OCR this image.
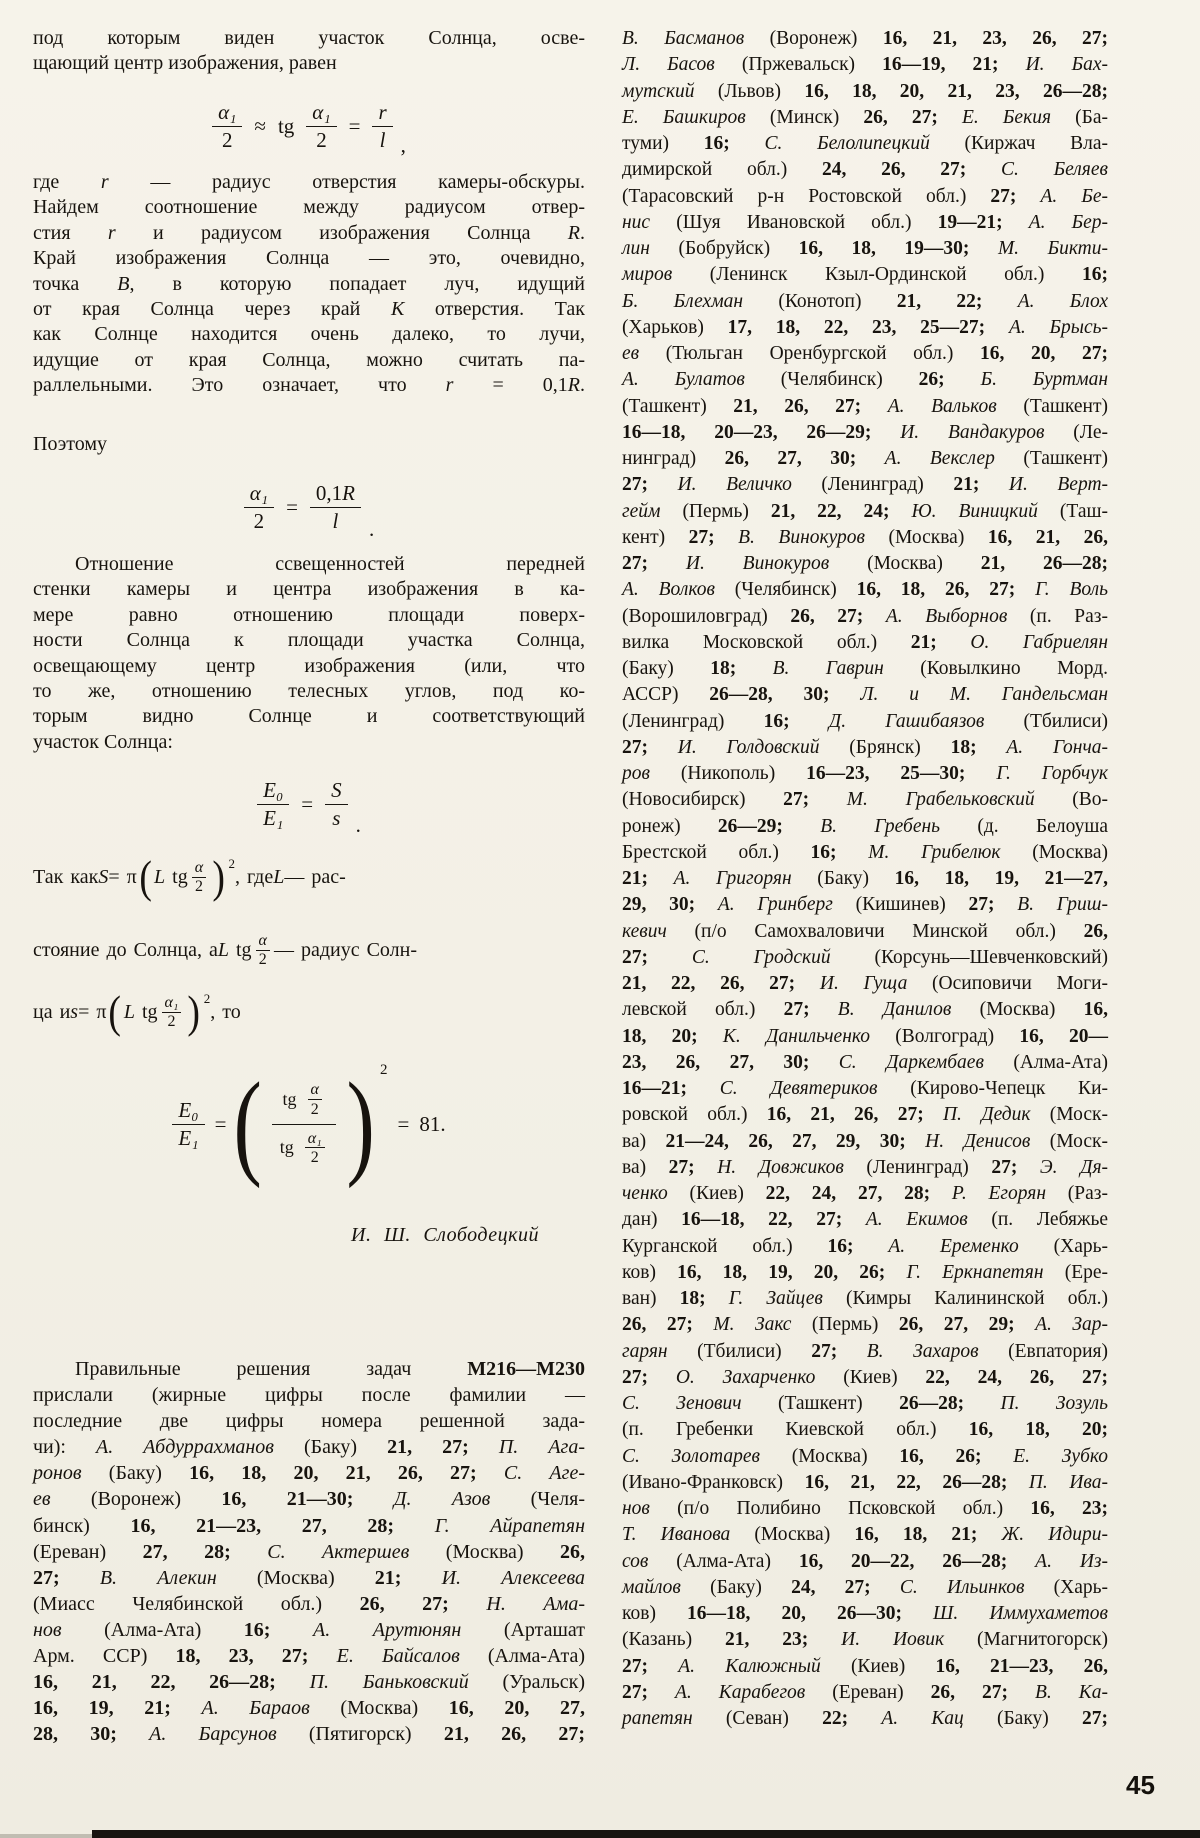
под которым виден участок Солнца, осве-
щающий центр изображения, равен
$\frac{\text{α₁}}{2}$ ≈ tg $\frac{\text{α₁}}{2} = \frac{r}{l}$ ,
где r — радиус отверстия камеры-обскуры.
Найдем соотношение между радиусом отвер-
стия r и радиусом изображения Солнца R.
Край изображения Солнца — это, очевидно,
точка В, в которую попадает луч, идущий
от края Солнца через край К отверстия. Так
как Солнце находится очень далеко, то лучи,
идущие от края Солнца, можно считать па-
раллельными. Это означает, что r = 0,1R.
Поэтому
$\frac{\text{α₁}}{2} = \frac{0,1R}{l}$ .
Отношение ссвещенностей передней
стенки камеры и центра изображения в ка-
мере равно отношению площади поверх-
ности Солнца к площади участка Солнца,
освещающему центр изображения (или, что
то же, отношению телесных углов, под ко-
торым видно Солнце и соответствующий
участок Солнца:
$\frac{\text{E₀}}{\text{E₁}} = \frac{S}{s}$ .
Так как S = π ( L
tg α
2 ) 2
, где L — рас-
стояние до Солнца, а L
tg α
2 — радиус Солн-
ца и s = π ( L
tg α₁
2 ) 2
, то
$\frac{\text{E₀}}{\text{E₁}}$ = ( tg α
2
tg α₁
2 ) 2
= 81.
И. Ш. Слободецкий
Правильные решения задач М216—М230
прислали (жирные цифры после фамилии —
последние две цифры номера решенной зада-
чи): А. Абдуррахманов (Баку) 21, 27; П. Ага-
ронов (Баку) 16, 18, 20, 21, 26, 27; С. Аге-
ев (Воронеж) 16, 21—30; Д. Азов (Челя-
бинск) 16, 21—23, 27, 28; Г. Айрапетян
(Ереван) 27, 28; С. Актершев (Москва) 26,
27; В. Алекин (Москва) 21; И. Алексеева
(Миасс Челябинской обл.) 26, 27; Н. Ама-
нов (Алма-Ата) 16; А. Арутюнян (Арташат
Арм. ССР) 18, 23, 27; Е. Байсалов (Алма-Ата)
16, 21, 22, 26—28; П. Баньковский (Уральск)
16, 19, 21; А. Бараов (Москва) 16, 20, 27,
28, 30; А. Барсунов (Пятигорск) 21, 26, 27;
В. Басманов (Воронеж) 16, 21, 23, 26, 27;
Л. Басов (Пржевальск) 16—19, 21; И. Бах-
мутский (Львов) 16, 18, 20, 21, 23, 26—28;
Е. Башкиров (Минск) 26, 27; Е. Бекия (Ба-
туми) 16; С. Белолипецкий (Киржач Вла-
димирской обл.) 24, 26, 27; С. Беляев
(Тарасовский р-н Ростовской обл.) 27; А. Бе-
нис (Шуя Ивановской обл.) 19—21; А. Бер-
лин (Бобруйск) 16, 18, 19—30; М. Бикти-
миров (Ленинск Кзыл-Ординской обл.) 16;
Б. Блехман (Конотоп) 21, 22; А. Блох
(Харьков) 17, 18, 22, 23, 25—27; А. Брысь-
ев (Тюльган Оренбургской обл.) 16, 20, 27;
А. Булатов (Челябинск) 26; Б. Буртман
(Ташкент) 21, 26, 27; А. Вальков (Ташкент)
16—18, 20—23, 26—29; И. Вандакуров (Ле-
нинград) 26, 27, 30; А. Векслер (Ташкент)
27; И. Величко (Ленинград) 21; И. Верт-
гейм (Пермь) 21, 22, 24; Ю. Виницкий (Таш-
кент) 27; В. Винокуров (Москва) 16, 21, 26,
27; И. Винокуров (Москва) 21, 26—28;
А. Волков (Челябинск) 16, 18, 26, 27; Г. Воль
(Ворошиловград) 26, 27; А. Выборнов (п. Раз-
вилка Московской обл.) 21; О. Габриелян
(Баку) 18; В. Гаврин (Ковылкино Морд.
АССР) 26—28, 30; Л. и М. Гандельсман
(Ленинград) 16; Д. Гашибаязов (Тбилиси)
27; И. Голдовский (Брянск) 18; А. Гонча-
ров (Никополь) 16—23, 25—30; Г. Горбчук
(Новосибирск) 27; М. Грабельковский (Во-
ронеж) 26—29; В. Гребень (д. Белоуша
Брестской обл.) 16; М. Грибелюк (Москва)
21; А. Григорян (Баку) 16, 18, 19, 21—27,
29, 30; А. Гринберг (Кишинев) 27; В. Гриш-
кевич (п/о Самохваловичи Минской обл.) 26,
27; С. Гродский (Корсунь—Шевченковский)
21, 22, 26, 27; И. Гуща (Осиповичи Моги-
левской обл.) 27; В. Данилов (Москва) 16,
18, 20; К. Данильченко (Волгоград) 16, 20—
23, 26, 27, 30; С. Даркембаев (Алма-Ата)
16—21; С. Девятериков (Кирово-Чепецк Ки-
ровской обл.) 16, 21, 26, 27; П. Дедик (Моск-
ва) 21—24, 26, 27, 29, 30; Н. Денисов (Моск-
ва) 27; Н. Довжиков (Ленинград) 27; Э. Дя-
ченко (Киев) 22, 24, 27, 28; Р. Егорян (Раз-
дан) 16—18, 22, 27; А. Екимов (п. Лебяжье
Курганской обл.) 16; А. Еременко (Харь-
ков) 16, 18, 19, 20, 26; Г. Еркнапетян (Ере-
ван) 18; Г. Зайцев (Кимры Калининской обл.)
26, 27; М. Закс (Пермь) 26, 27, 29; А. Зар-
гарян (Тбилиси) 27; В. Захаров (Евпатория)
27; О. Захарченко (Киев) 22, 24, 26, 27;
С. Зенович (Ташкент) 26—28; П. Зозуль
(п. Гребенки Киевской обл.) 16, 18, 20;
С. Золотарев (Москва) 16, 26; Е. Зубко
(Ивано-Франковск) 16, 21, 22, 26—28; П. Ива-
нов (п/о Полибино Псковской обл.) 16, 23;
Т. Иванова (Москва) 16, 18, 21; Ж. Идири-
сов (Алма-Ата) 16, 20—22, 26—28; А. Из-
майлов (Баку) 24, 27; С. Ильинков (Харь-
ков) 16—18, 20, 26—30; Ш. Иммухаметов
(Казань) 21, 23; И. Иовик (Магнитогорск)
27; А. Калюжный (Киев) 16, 21—23, 26,
27; А. Карабегов (Ереван) 26, 27; В. Ка-
рапетян (Севан) 22; А. Кац (Баку) 27;
45
